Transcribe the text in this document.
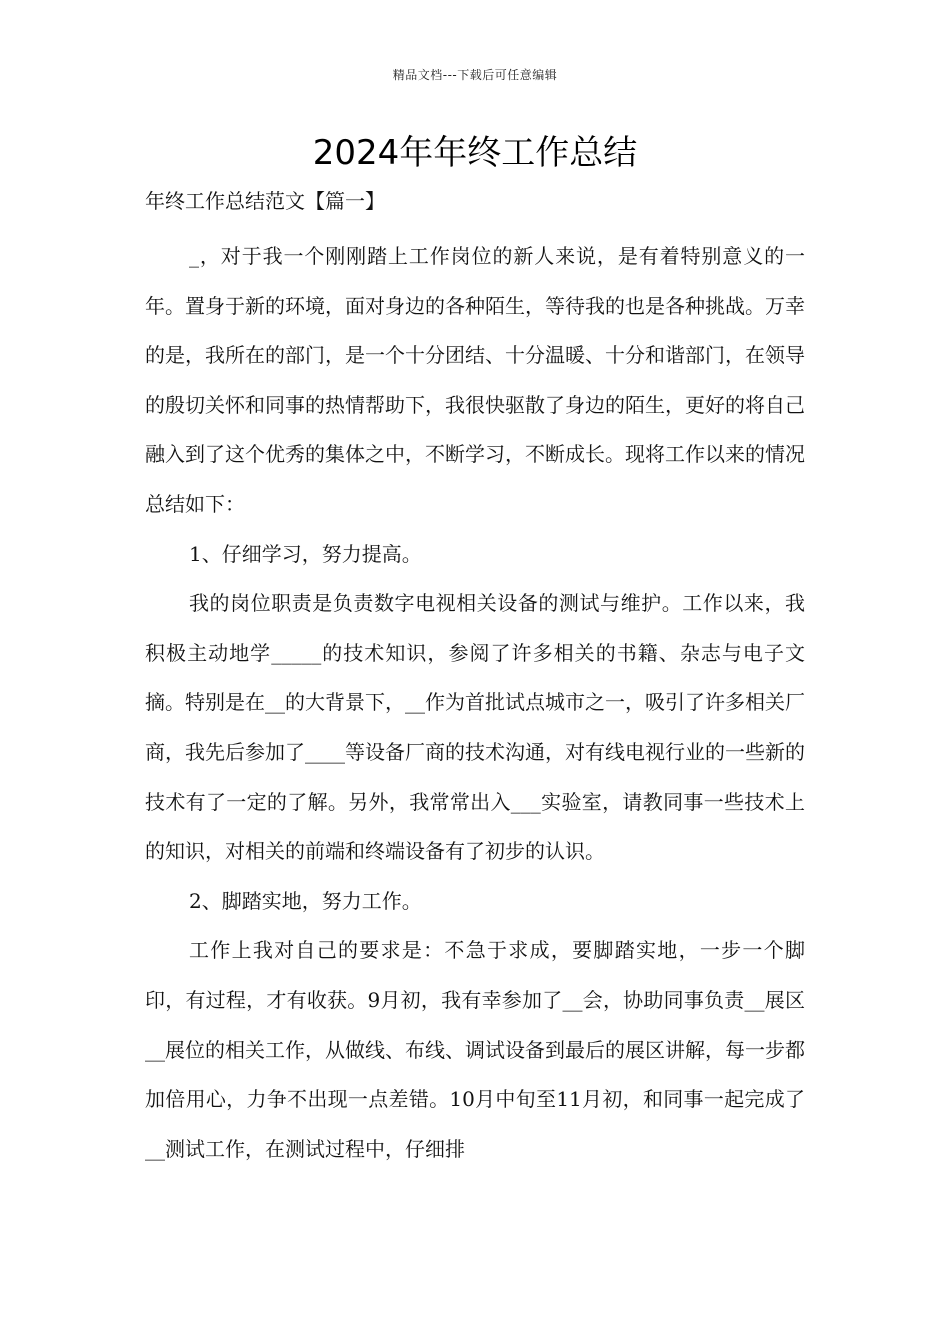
精品文档---下载后可任意编辑
2024年年终工作总结
年终工作总结范文【篇一】

_，对于我一个刚刚踏上工作岗位的新人来说，是有着特别意义的一年。置身于新的环境，面对身边的各种陌生，等待我的也是各种挑战。万幸的是，我所在的部门，是一个十分团结、十分温暖、十分和谐部门，在领导的殷切关怀和同事的热情帮助下，我很快驱散了身边的陌生，更好的将自己融入到了这个优秀的集体之中，不断学习，不断成长。现将工作以来的情况总结如下：

1、仔细学习，努力提高。

我的岗位职责是负责数字电视相关设备的测试与维护。工作以来，我积极主动地学_____的技术知识，参阅了许多相关的书籍、杂志与电子文摘。特别是在__的大背景下，__作为首批试点城市之一，吸引了许多相关厂商，我先后参加了____等设备厂商的技术沟通，对有线电视行业的一些新的技术有了一定的了解。另外，我常常出入___实验室，请教同事一些技术上的知识，对相关的前端和终端设备有了初步的认识。

2、脚踏实地，努力工作。

工作上我对自己的要求是：不急于求成，要脚踏实地，一步一个脚印，有过程，才有收获。9月初，我有幸参加了__会，协助同事负责__展区__展位的相关工作，从做线、布线、调试设备到最后的展区讲解，每一步都加倍用心，力争不出现一点差错。10月中旬至11月初，和同事一起完成了__测试工作，在测试过程中，仔细排
